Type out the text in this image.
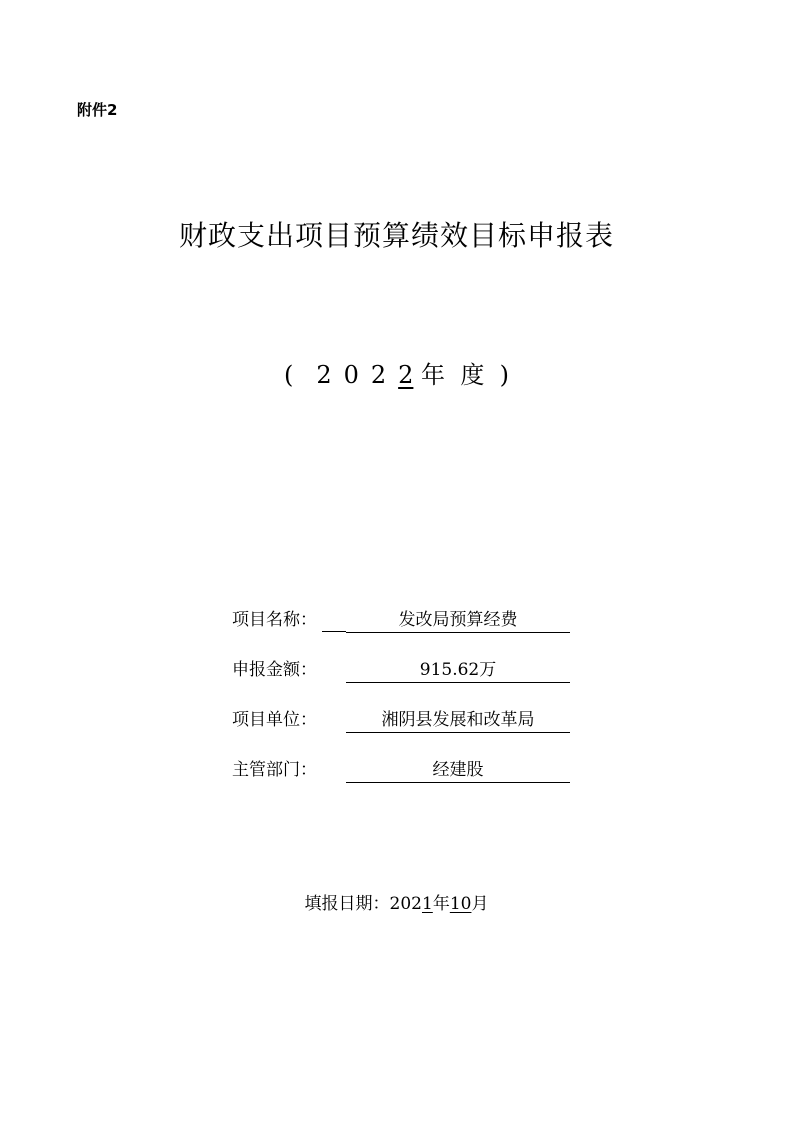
附件2
财政支出项目预算绩效目标申报表
( 2022 年 度 )
项目名称：	发改局预算经费
申报金额：	915.62万
项目单位：	湘阴县发展和改革局
主管部门：	经建股
填报日期：2021年10月
